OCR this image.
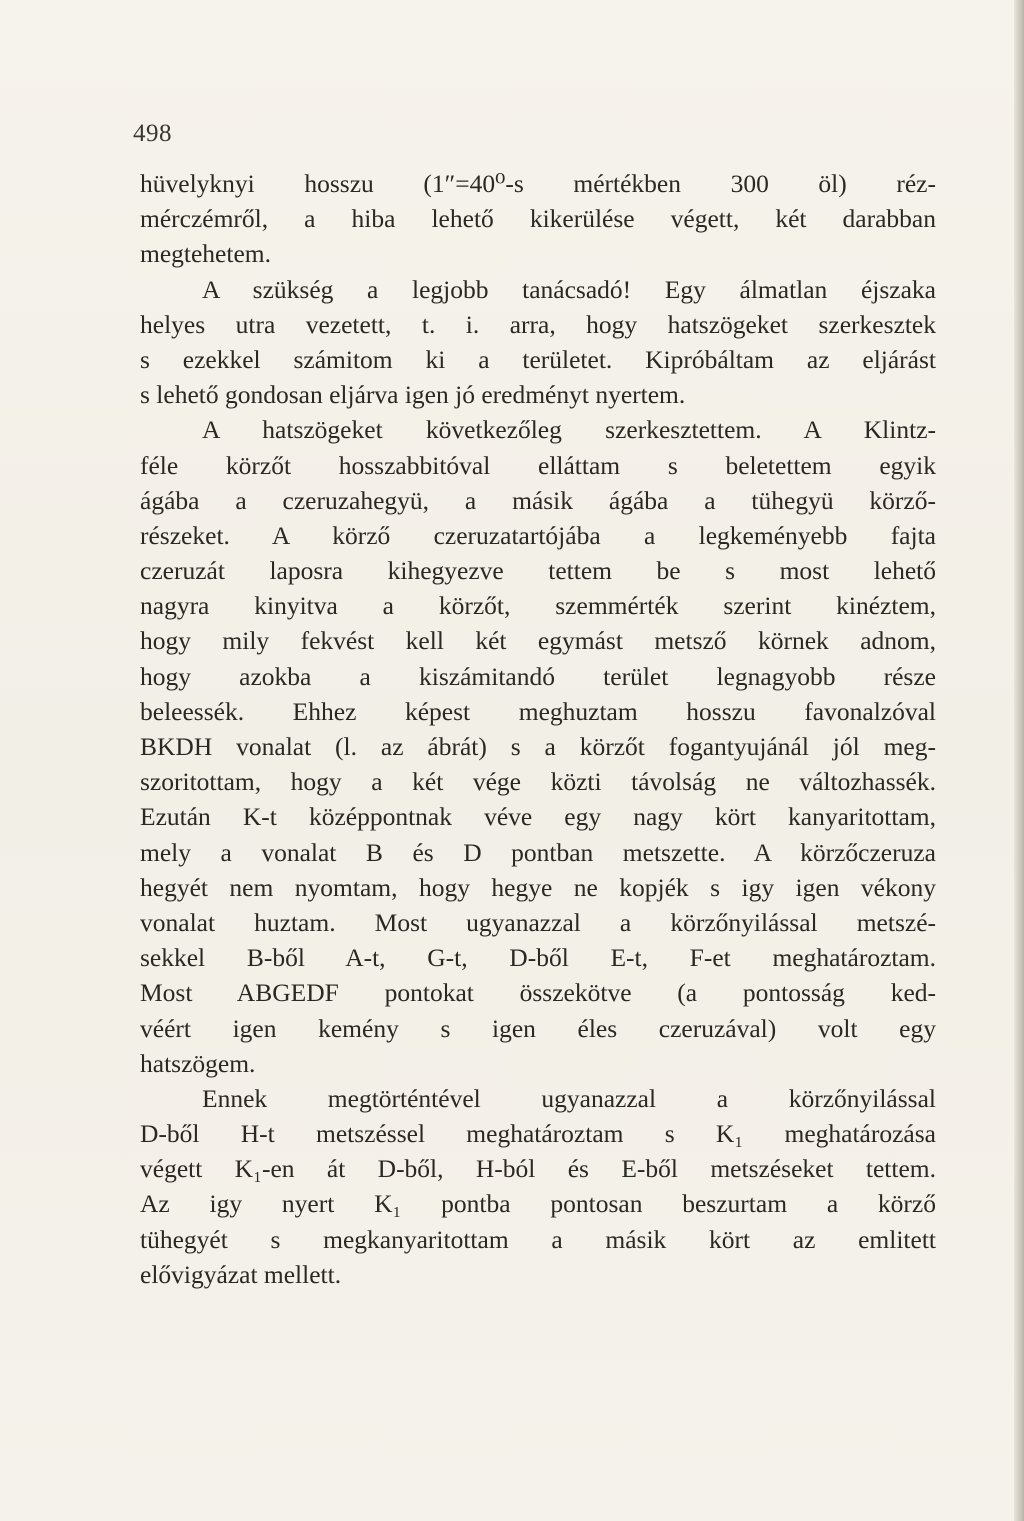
498
hüvelyknyi hosszu (1″=40⁰-s mértékben 300 öl) réz-
mérczémről, a hiba lehető kikerülése végett, két darabban
megtehetem.
A szükség a legjobb tanácsadó! Egy álmatlan éjszaka
helyes utra vezetett, t. i. arra, hogy hatszögeket szerkesztek
s ezekkel számitom ki a területet. Kipróbáltam az eljárást
s lehető gondosan eljárva igen jó eredményt nyertem.
A hatszögeket következőleg szerkesztettem. A Klintz-
féle körzőt hosszabbitóval elláttam s beletettem egyik
ágába a czeruzahegyü, a másik ágába a tühegyü körző-
részeket. A körző czeruzatartójába a legkeményebb fajta
czeruzát laposra kihegyezve tettem be s most lehető
nagyra kinyitva a körzőt, szemmérték szerint kinéztem,
hogy mily fekvést kell két egymást metsző körnek adnom,
hogy azokba a kiszámitandó terület legnagyobb része
beleessék. Ehhez képest meghuztam hosszu favonalzóval
BKDH vonalat (l. az ábrát) s a körzőt fogantyujánál jól meg-
szoritottam, hogy a két vége közti távolság ne változhassék.
Ezután K-t középpontnak véve egy nagy kört kanyaritottam,
mely a vonalat B és D pontban metszette. A körzőczeruza
hegyét nem nyomtam, hogy hegye ne kopjék s igy igen vékony
vonalat huztam. Most ugyanazzal a körzőnyilással metszé-
sekkel B-ből A-t, G-t, D-ből E-t, F-et meghatároztam.
Most ABGEDF pontokat összekötve (a pontosság ked-
véért igen kemény s igen éles czeruzával) volt egy
hatszögem.
Ennek megtörténtével ugyanazzal a körzőnyilással
D-ből H-t metszéssel meghatároztam s K₁ meghatározása
végett K₁-en át D-ből, H-ból és E-ből metszéseket tettem.
Az igy nyert K₁ pontba pontosan beszurtam a körző
tühegyét s megkanyaritottam a másik kört az emlitett
elővigyázat mellett.
